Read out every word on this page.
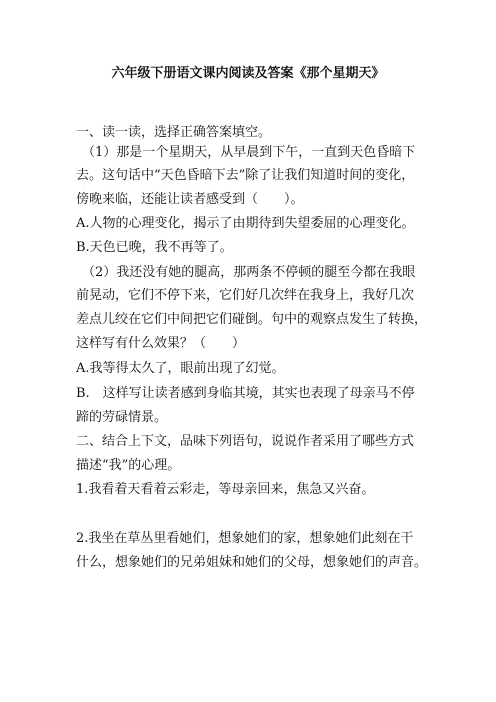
六年级下册语文课内阅读及答案《那个星期天》
一、读一读，选择正确答案填空。
（1）那是一个星期天，从早晨到下午，一直到天色昏暗下
去。这句话中“天色昏暗下去”除了让我们知道时间的变化，
傍晚来临，还能让读者感受到（　　）。
A.人物的心理变化，揭示了由期待到失望委屈的心理变化。
B.天色已晚，我不再等了。
（2）我还没有她的腿高，那两条不停顿的腿至今都在我眼
前晃动，它们不停下来，它们好几次绊在我身上，我好几次
差点儿绞在它们中间把它们碰倒。句中的观察点发生了转换，
这样写有什么效果？（　　）
A.我等得太久了，眼前出现了幻觉。
B.　这样写让读者感到身临其境，其实也表现了母亲马不停
蹄的劳碌情景。
二、结合上下文，品味下列语句，说说作者采用了哪些方式
描述“我”的心理。
1.我看着天看着云彩走，等母亲回来，焦急又兴奋。
2.我坐在草丛里看她们，想象她们的家，想象她们此刻在干
什么，想象她们的兄弟姐妹和她们的父母，想象她们的声音。
